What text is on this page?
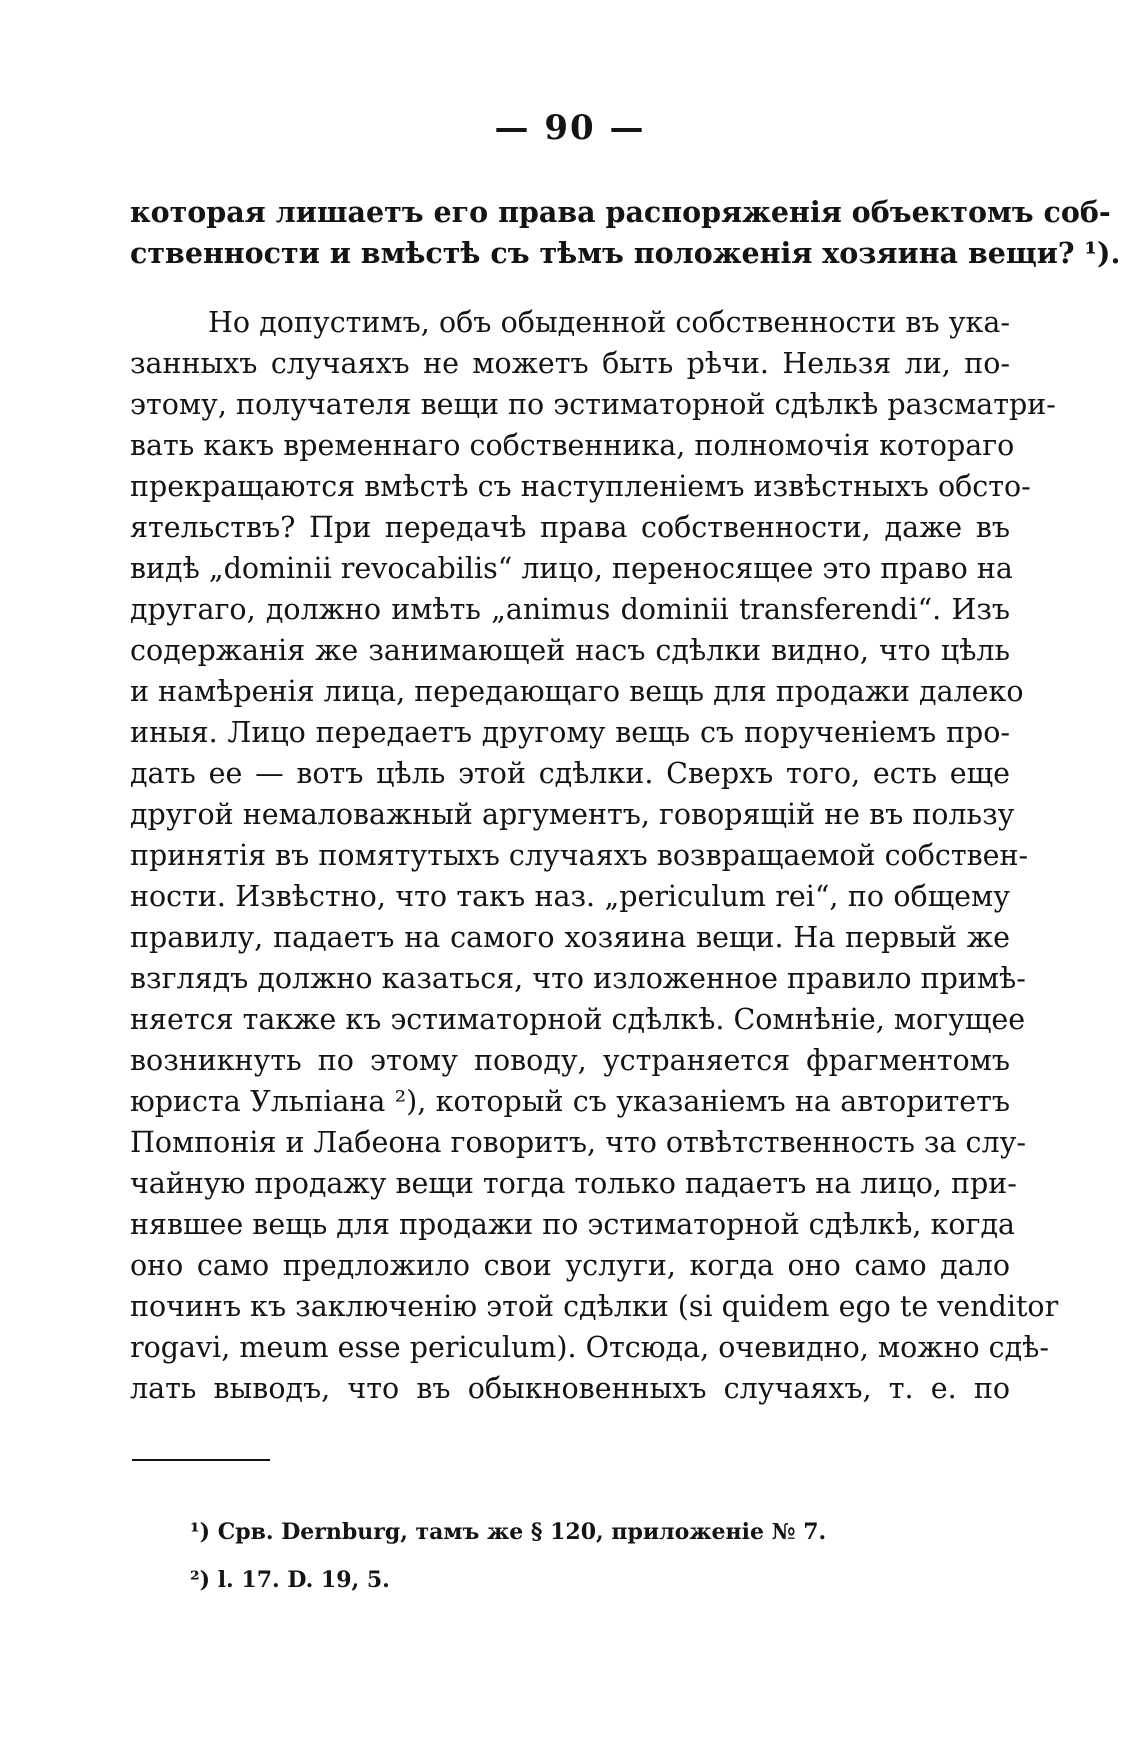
— 90 —
которая лишаетъ его права распоряженія объектомъ соб-
ственности и вмѣстѣ съ тѣмъ положенія хозяина вещи? ¹).
Но допустимъ, объ обыденной собственности въ ука-
занныхъ случаяхъ не можетъ быть рѣчи. Нельзя ли, по-
этому, получателя вещи по эстиматорной сдѣлкѣ разсматри-
вать какъ временнаго собственника, полномочія котораго
прекращаются вмѣстѣ съ наступленіемъ извѣстныхъ обсто-
ятельствъ? При передачѣ права собственности, даже въ
видѣ „dominii revocabilis“ лицо, переносящее это право на
другаго, должно имѣть „animus dominii transferendi“. Изъ
содержанія же занимающей насъ сдѣлки видно, что цѣль
и намѣренія лица, передающаго вещь для продажи далеко
иныя. Лицо передаетъ другому вещь съ порученіемъ про-
дать ее — вотъ цѣль этой сдѣлки. Сверхъ того, есть еще
другой немаловажный аргументъ, говорящій не въ пользу
принятія въ помятутыхъ случаяхъ возвращаемой собствен-
ности. Извѣстно, что такъ наз. „periculum rei“, по общему
правилу, падаетъ на самого хозяина вещи. На первый же
взглядъ должно казаться, что изложенное правило примѣ-
няется также къ эстиматорной сдѣлкѣ. Сомнѣніе, могущее
возникнуть по этому поводу, устраняется фрагментомъ
юриста Ульпіана ²), который съ указаніемъ на авторитетъ
Помпонія и Лабеона говоритъ, что отвѣтственность за слу-
чайную продажу вещи тогда только падаетъ на лицо, при-
нявшее вещь для продажи по эстиматорной сдѣлкѣ, когда
оно само предложило свои услуги, когда оно само дало
починъ къ заключенію этой сдѣлки (si quidem ego te venditor
rogavi, meum esse periculum). Отсюда, очевидно, можно сдѣ-
лать выводъ, что въ обыкновенныхъ случаяхъ, т. е. по
¹) Срв. Dernburg, тамъ же § 120, приложеніе № 7.
²) l. 17. D. 19, 5.
